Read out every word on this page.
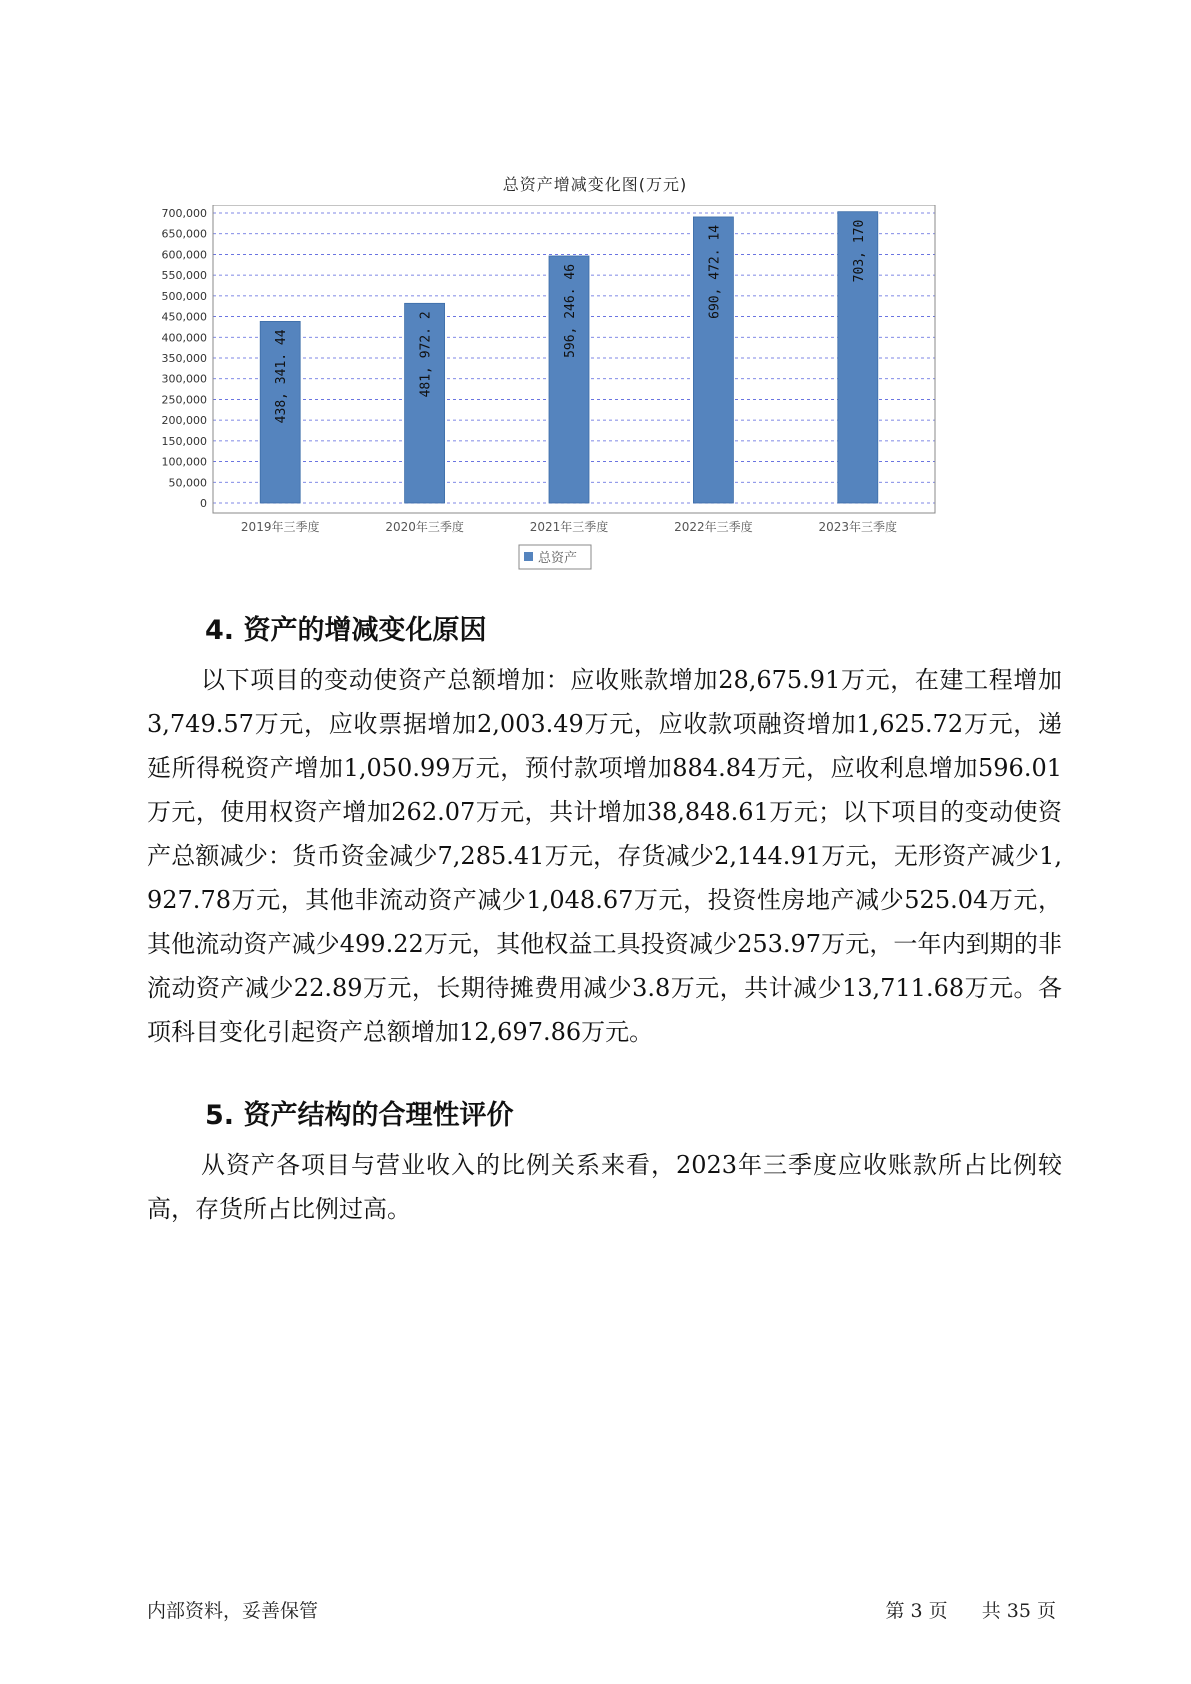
总资产增减变化图(万元)
0
50,000
100,000
150,000
200,000
250,000
300,000
350,000
400,000
450,000
500,000
550,000
600,000
650,000
700,000
438, 341. 44	481, 972. 2	596, 246. 46	690, 472. 14	703, 170
2019年三季度	2020年三季度	2021年三季度	2022年三季度	2023年三季度
总资产
4. 资产的增减变化原因

以下项目的变动使资产总额增加：应收账款增加28,675.91万元，在建工程增加3,749.57万元，应收票据增加2,003.49万元，应收款项融资增加1,625.72万元，递延所得税资产增加1,050.99万元，预付款项增加884.84万元，应收利息增加596.01万元，使用权资产增加262.07万元，共计增加38,848.61万元；以下项目的变动使资产总额减少：货币资金减少7,285.41万元，存货减少2,144.91万元，无形资产减少1,927.78万元，其他非流动资产减少1,048.67万元，投资性房地产减少525.04万元，其他流动资产减少499.22万元，其他权益工具投资减少253.97万元，一年内到期的非流动资产减少22.89万元，长期待摊费用减少3.8万元，共计减少13,711.68万元。各项科目变化引起资产总额增加12,697.86万元。

5. 资产结构的合理性评价

从资产各项目与营业收入的比例关系来看，2023年三季度应收账款所占比例较高，存货所占比例过高。

内部资料，妥善保管	第 3 页 共 35 页
